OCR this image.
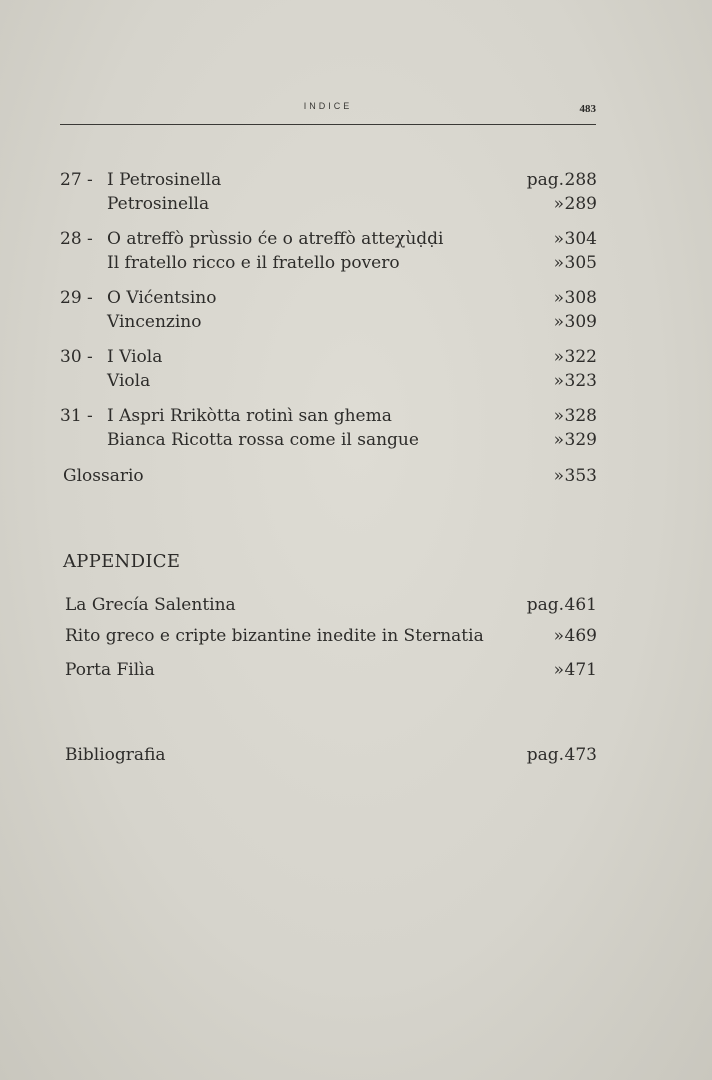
INDICE	483
27 - I Petrosinella	pag. 288
Petrosinella	» 289
28 - O atreffò prùssio će o atreffò atteχùḍḍi	» 304
Il fratello ricco e il fratello povero	» 305
29 - O Vićentsino	» 308
Vincenzino	» 309
30 - I Viola	» 322
Viola	» 323
31 - I Aspri Rrikòtta rotinì san ghema	» 328
Bianca Ricotta rossa come il sangue	» 329
Glossario	» 353
APPENDICE
La Grecía Salentina	pag. 461
Rito greco e cripte bizantine inedite in Sternatia	» 469
Porta Filìa	» 471
Bibliografia	pag. 473
